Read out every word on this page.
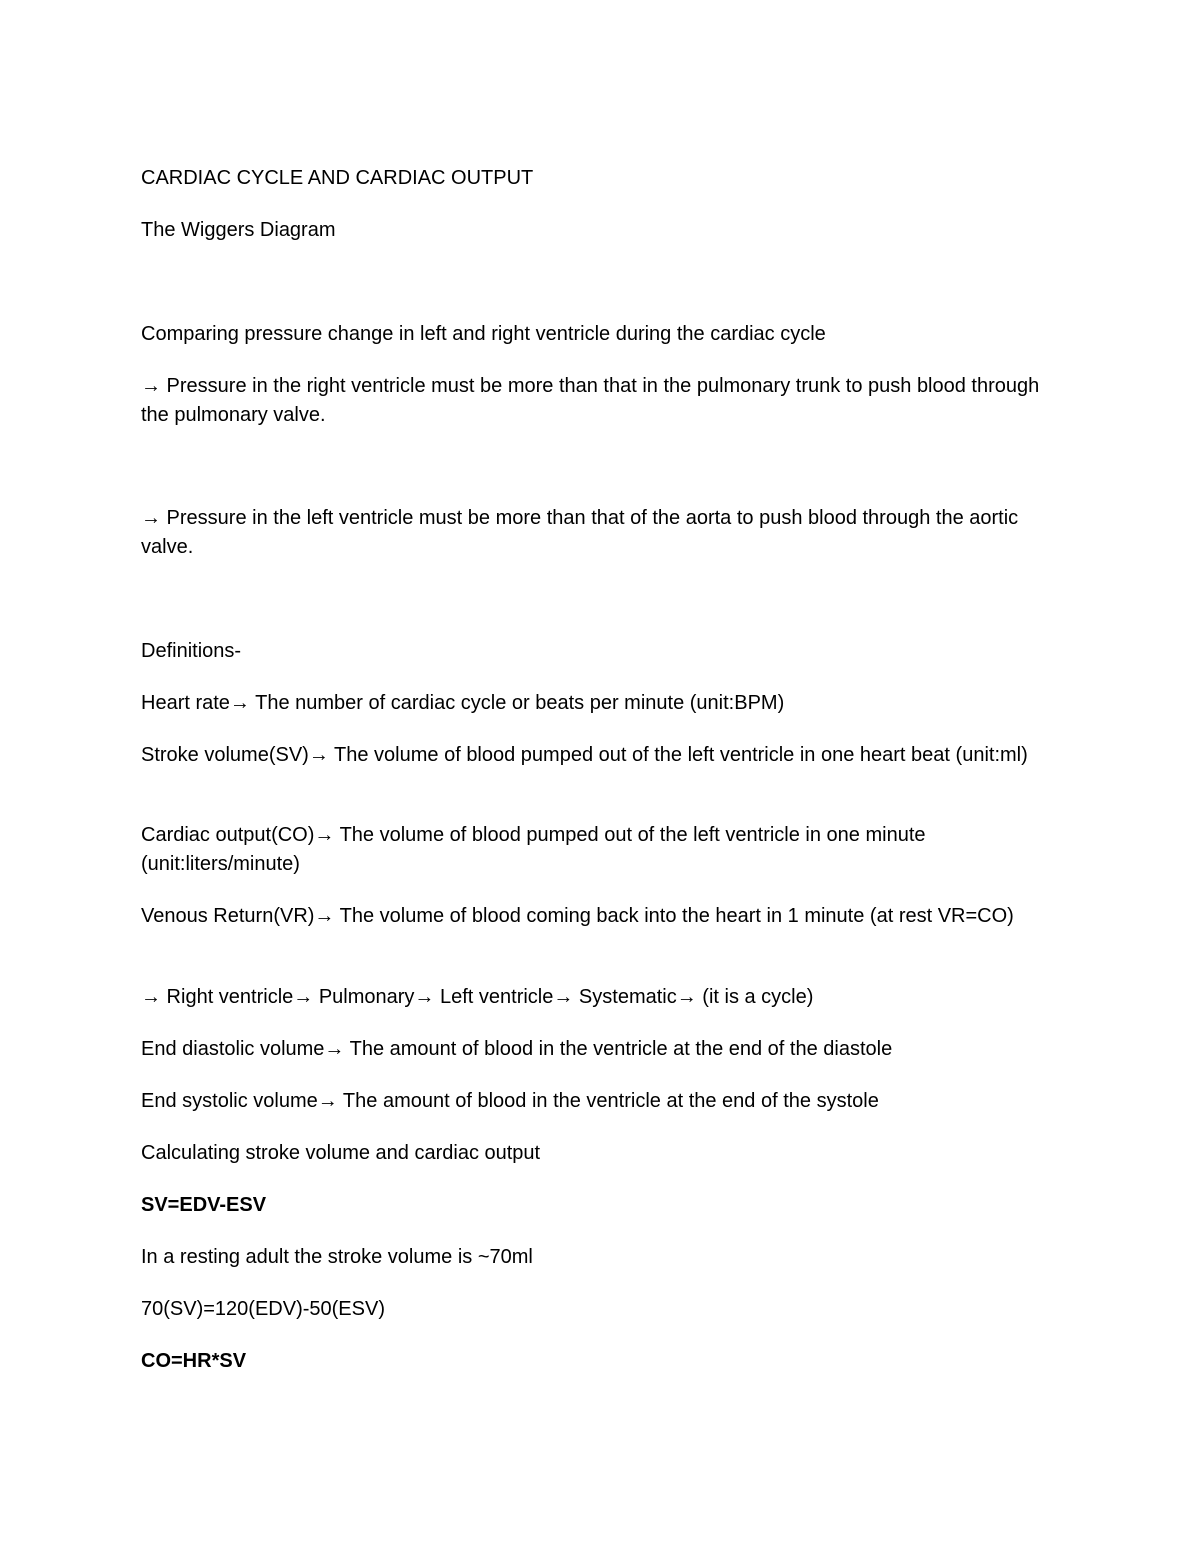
CARDIAC CYCLE AND CARDIAC OUTPUT

The Wiggers Diagram

Comparing pressure change in left and right ventricle during the cardiac cycle

→ Pressure in the right ventricle must be more than that in the pulmonary trunk to push blood through the pulmonary valve.

→ Pressure in the left ventricle must be more than that of the aorta to push blood through the aortic valve.

Definitions-

Heart rate→ The number of cardiac cycle or beats per minute (unit:BPM)

Stroke volume(SV)→ The volume of blood pumped out of the left ventricle in one heart beat (unit:ml)

Cardiac output(CO)→ The volume of blood pumped out of the left ventricle in one minute (unit:liters/minute)

Venous Return(VR)→ The volume of blood coming back into the heart in 1 minute (at rest VR=CO)

→ Right ventricle→ Pulmonary→ Left ventricle→ Systematic→ (it is a cycle)

End diastolic volume→ The amount of blood in the ventricle at the end of the diastole

End systolic volume→ The amount of blood in the ventricle at the end of the systole

Calculating stroke volume and cardiac output

SV=EDV-ESV

In a resting adult the stroke volume is ~70ml

70(SV)=120(EDV)-50(ESV)

CO=HR*SV
